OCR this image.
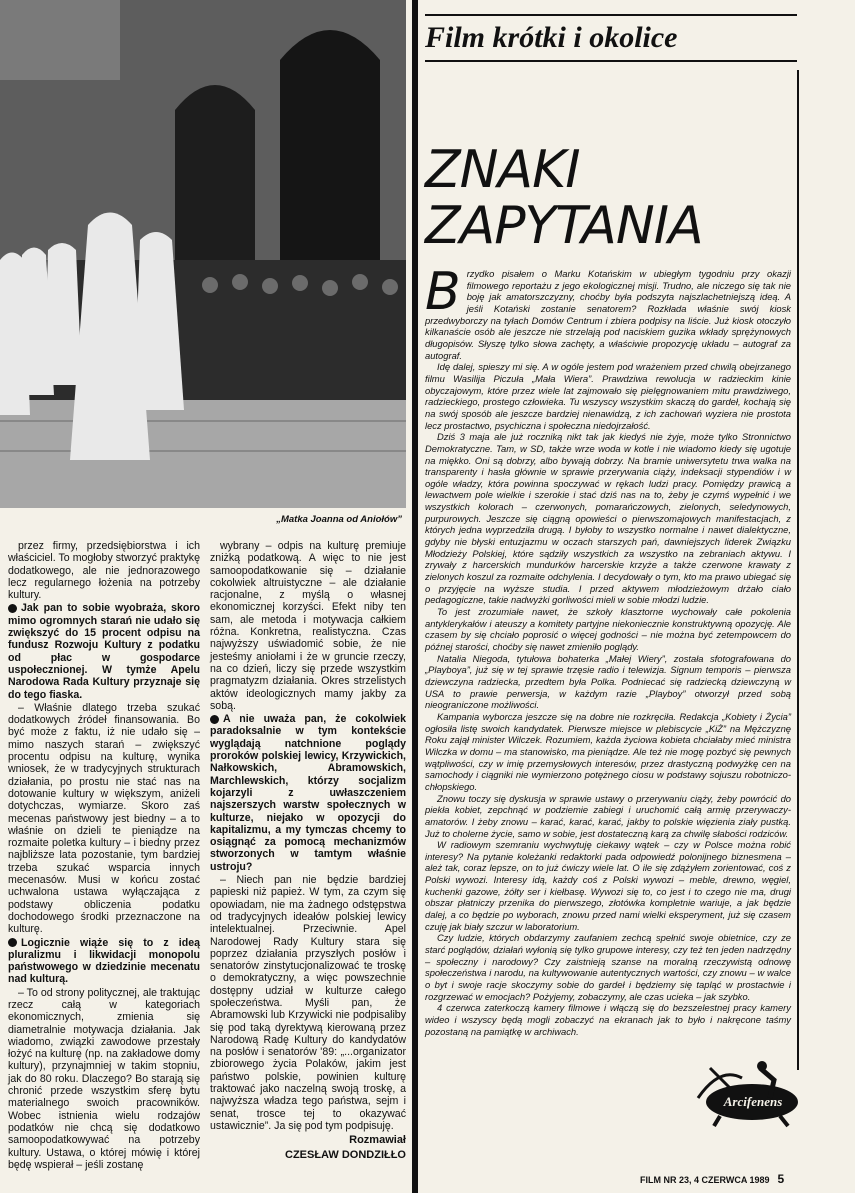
„Matka Joanna od Aniołów”

przez firmy, przedsiębiorstwa i ich właściciel. To mogłoby stworzyć praktykę dodatkowego, ale nie jednorazowego lecz regularnego łożenia na potrzeby kultury.

Jak pan to sobie wyobraża, skoro mimo ogromnych starań nie udało się zwiększyć do 15 procent odpisu na fundusz Rozwoju Kultury z podatku od płac w gospodarce uspołecznionej. W tymże Apelu Narodowa Rada Kultury przyznaje się do tego fiaska.

– Właśnie dlatego trzeba szukać dodatkowych źródeł finansowania. Bo być może z faktu, iż nie udało się – mimo naszych starań – zwiększyć procentu odpisu na kulturę, wynika wniosek, że w tradycyjnych strukturach działania, po prostu nie stać nas na dotowanie kultury w większym, aniżeli dotychczas, wymiarze. Skoro zaś mecenas państwowy jest biedny – a to właśnie on dzieli te pieniądze na rozmaite poletka kultury – i biedny przez najbliższe lata pozostanie, tym bardziej trzeba szukać wsparcia innych mecenasów. Musi w końcu zostać uchwalona ustawa wyłączająca z podstawy obliczenia podatku dochodowego środki przeznaczone na kulturę.

Logicznie wiąże się to z ideą pluralizmu i likwidacji monopolu państwowego w dziedzinie mecenatu nad kulturą.

– To od strony politycznej, ale traktując rzecz całą w kategoriach ekonomicznych, zmienia się diametralnie motywacja działania. Jak wiadomo, związki zawodowe przestały łożyć na kulturę (np. na zakładowe domy kultury), przynajmniej w takim stopniu, jak do 80 roku. Dlaczego? Bo starają się chronić przede wszystkim sferę bytu materialnego swoich pracowników. Wobec istnienia wielu rodzajów podatków nie chcą się dodatkowo samoopodatkowywać na potrzeby kultury. Ustawa, o której mówię i której będę wspierał – jeśli zostanę

wybrany – odpis na kulturę premiuje zniżką podatkową. A więc to nie jest samoopodatkowanie się – działanie cokolwiek altruistyczne – ale działanie racjonalne, z myślą o własnej ekonomicznej korzyści. Efekt niby ten sam, ale metoda i motywacja całkiem różna. Konkretna, realistyczna. Czas najwyższy uświadomić sobie, że nie jesteśmy aniołami i że w gruncie rzeczy, na co dzień, liczy się przede wszystkim pragmatyzm działania. Okres strzelistych aktów ideologicznych mamy jakby za sobą.

A nie uważa pan, że cokolwiek paradoksalnie w tym kontekście wyglądają natchnione poglądy proroków polskiej lewicy, Krzywickich, Nałkowskich, Abramowskich, Marchlewskich, którzy socjalizm kojarzyli z uwłaszczeniem najszerszych warstw społecznych w kulturze, niejako w opozycji do kapitalizmu, a my tymczas chcemy to osiągnąć za pomocą mechanizmów stworzonych w tamtym właśnie ustroju?

– Niech pan nie będzie bardziej papieski niż papież. W tym, za czym się opowiadam, nie ma żadnego odstępstwa od tradycyjnych ideałów polskiej lewicy intelektualnej. Przeciwnie. Apel Narodowej Rady Kultury stara się poprzez działania przyszłych posłów i senatorów zinstytucjonalizować te troskę o demokratyczny, a więc powszechnie dostępny udział w kulturze całego społeczeństwa. Myśli pan, że Abramowski lub Krzywicki nie podpisaliby się pod taką dyrektywą kierowaną przez Narodową Radę Kultury do kandydatów na posłów i senatorów '89: „...organizator zbiorowego życia Polaków, jakim jest państwo polskie, powinien kulturę traktować jako naczelną swoją troskę, a najwyższa władza tego państwa, sejm i senat, trosce tej to okazywać ustawicznie”. Ja się pod tym podpisuję.

Rozmawiał

CZESŁAW DONDZIŁŁO

Film krótki i okolice
ZNAKI
ZAPYTANIA

Brzydko pisałem o Marku Kotańskim w ubiegłym tygodniu przy okazji filmowego reportażu z jego ekologicznej misji. Trudno, ale niczego się tak nie boję jak amatorszczyzny, choćby była podszyta najszlachetniejszą ideą. A jeśli Kotański zostanie senatorem? Rozkłada właśnie swój kiosk przedwyborczy na tyłach Domów Centrum i zbiera podpisy na liście. Już kiosk otoczyło kilkanaście osób ale jeszcze nie strzelają pod naciskiem guzika wkłady sprężynowych długopisów. Słyszę tylko słowa zachęty, a właściwie propozycję układu – autograf za autograf.

Idę dalej, spieszy mi się. A w ogóle jestem pod wrażeniem przed chwilą obejrzanego filmu Wasilija Piczuła „Mała Wiera”. Prawdziwa rewolucja w radzieckim kinie obyczajowym, które przez wiele lat zajmowało się pielęgnowaniem mitu prawdziwego, radzieckiego, prostego człowieka. Tu wszyscy wszystkim skaczą do gardeł, kochają się na swój sposób ale jeszcze bardziej nienawidzą, z ich zachowań wyziera nie prostota lecz prostactwo, psychiczna i społeczna niedojrzałość.

Dziś 3 maja ale już roczniką nikt tak jak kiedyś nie żyje, może tylko Stronnictwo Demokratyczne. Tam, w SD, także wrze woda w kotle i nie wiadomo kiedy się ugotuje na miękko. Oni są dobrzy, albo bywają dobrzy. Na bramie uniwersytetu trwa walka na transparenty i hasła głównie w sprawie przerywania ciąży, indeksacji stypendiów i w ogóle władzy, która powinna spoczywać w rękach ludzi pracy. Pomiędzy prawicą a lewactwem pole wielkie i szerokie i stać dziś nas na to, żeby je czymś wypełnić i we wszystkich kolorach – czerwonych, pomarańczowych, zielonych, seledynowych, purpurowych. Jeszcze się ciągną opowieści o pierwszomajowych manifestacjach, z których jedna wyprzedziła drugą. I byłoby to wszystko normalne i nawet dialektyczne, gdyby nie błyski entuzjazmu w oczach starszych pań, dawniejszych liderek Związku Młodzieży Polskiej, które sądziły wszystkich za wszystko na zebraniach aktywu. I zrywały z harcerskich mundurków harcerskie krzyże a także czerwone krawaty z zielonych koszul za rozmaite odchylenia. I decydowały o tym, kto ma prawo ubiegać się o przyjęcie na wyższe studia. I przed aktywem młodzieżowym drżało ciało pedagogiczne, takie nadwyżki gorliwości mieli w sobie młodzi ludzie.

To jest zrozumiałe nawet, że szkoły klasztorne wychowały całe pokolenia antyklerykałów i ateuszy a komitety partyjne niekoniecznie konstruktywną opozycję. Ale czasem by się chciało poprosić o więcej godności – nie można być zetempowcem do późnej starości, choćby się nawet zmieniło poglądy.

Natalia Niegoda, tytułowa bohaterka „Małej Wiery”, została sfotografowana do „Playboya”, już się w tej sprawie trzęsie radio i telewizja. Signum temporis – pierwsza dziewczyna radziecka, przedtem była Polka. Podniecać się radziecką dziewczyną w USA to prawie perwersja, w każdym razie „Playboy” otworzył przed sobą nieograniczone możliwości.

Kampania wyborcza jeszcze się na dobre nie rozkręciła. Redakcja „Kobiety i Życia” ogłosiła listę swoich kandydatek. Pierwsze miejsce w plebiscycie „KiŻ” na Mężczyznę Roku zajął minister Wilczek. Rozumiem, każda życiowa kobieta chciałaby mieć ministra Wilczka w domu – ma stanowisko, ma pieniądze. Ale też nie mogę pozbyć się pewnych wątpliwości, czy w imię przemysłowych interesów, przez drastyczną podwyżkę cen na samochody i ciągniki nie wymierzono potężnego ciosu w podstawy sojuszu robotniczo-chłopskiego.

Znowu toczy się dyskusja w sprawie ustawy o przerywaniu ciąży, żeby powrócić do piekła kobiet, zepchnąć w podziemie zabiegi i uruchomić całą armię przerywaczy-amatorów. I żeby znowu – karać, karać, karać, jakby to polskie więzienia ziały pustką. Już to cholerne życie, samo w sobie, jest dostateczną karą za chwilę słabości rodziców.

W radiowym szemraniu wychwytuję ciekawy wątek – czy w Polsce można robić interesy? Na pytanie koleżanki redaktorki pada odpowiedź polonijnego biznesmena – ależ tak, coraz lepsze, on to już ćwiczy wiele lat. O ile się zdążyłem zorientować, coś z Polski wywozi. Interesy idą, każdy coś z Polski wywozi – meble, drewno, węgiel, kuchenki gazowe, żółty ser i kiełbasę. Wywozi się to, co jest i to czego nie ma, drugi obszar płatniczy przenika do pierwszego, złotówka kompletnie wariuje, a jak będzie dalej, a co będzie po wyborach, znowu przed nami wielki eksperyment, już się czasem czuję jak biały szczur w laboratorium.

Czy ludzie, których obdarzymy zaufaniem zechcą spełnić swoje obietnice, czy ze starć poglądów, działań wyłonią się tylko grupowe interesy, czy też ten jeden nadrzędny – społeczny i narodowy? Czy zaistnieją szanse na moralną rzeczywistą odnowę społeczeństwa i narodu, na kultywowanie autentycznych wartości, czy znowu – w walce o byt i swoje racje skoczymy sobie do gardeł i będziemy się tapląć w prostactwie i rozgrzewać w emocjach? Pożyjemy, zobaczymy, ale czas ucieka – jak szybko.

4 czerwca zaterkoczą kamery filmowe i włączą się do bezszelestnej pracy kamery wideo i wszyscy będą mogli zobaczyć na ekranach jak to było i nakręcone taśmy pozostaną na pamiątkę w archiwach.

Arcifenens
FILM NR 23, 4 CZERWCA 1989 5
